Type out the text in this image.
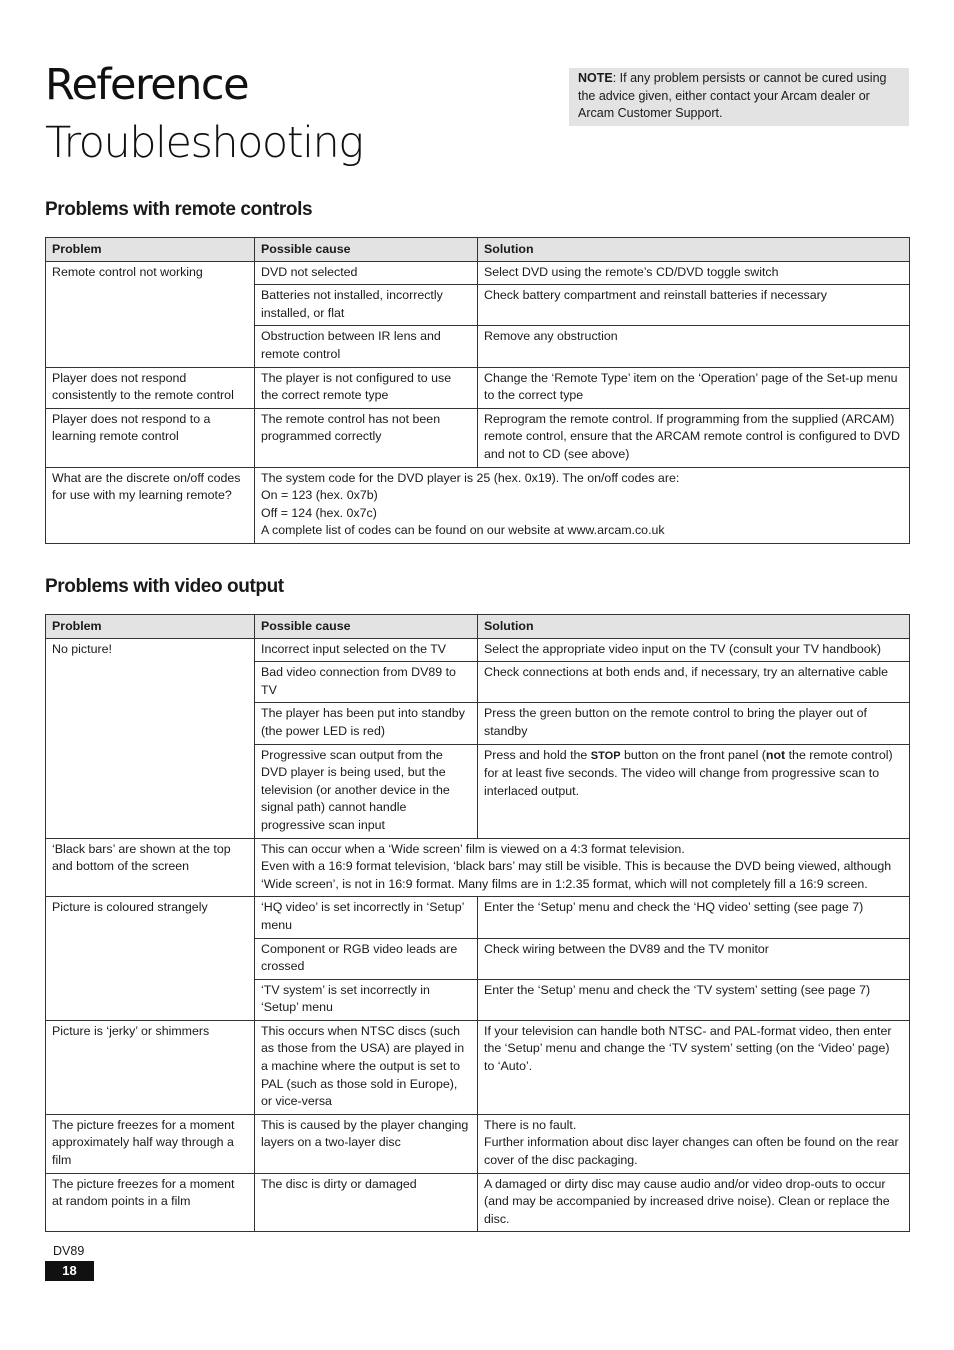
Reference
Troubleshooting
NOTE: If any problem persists or cannot be cured using the advice given, either contact your Arcam dealer or Arcam Customer Support.
Problems with remote controls
Problem	Possible cause	Solution
Remote control not working	DVD not selected	Select DVD using the remote’s CD/DVD toggle switch
	Batteries not installed, incorrectly installed, or flat	Check battery compartment and reinstall batteries if necessary
	Obstruction between IR lens and remote control	Remove any obstruction
Player does not respond consistently to the remote control	The player is not configured to use the correct remote type	Change the ‘Remote Type’ item on the ‘Operation’ page of the Set-up menu to the correct type
Player does not respond to a learning remote control	The remote control has not been programmed correctly	Reprogram the remote control. If programming from the supplied (ARCAM) remote control, ensure that the ARCAM remote control is configured to DVD and not to CD (see above)
What are the discrete on/off codes for use with my learning remote?	The system code for the DVD player is 25 (hex. 0x19). The on/off codes are:
On = 123 (hex. 0x7b)
Off = 124 (hex. 0x7c)
A complete list of codes can be found on our website at www.arcam.co.uk	
Problems with video output
Problem	Possible cause	Solution
No picture!	Incorrect input selected on the TV	Select the appropriate video input on the TV (consult your TV handbook)
	Bad video connection from DV89 to TV	Check connections at both ends and, if necessary, try an alternative cable
	The player has been put into standby (the power LED is red)	Press the green button on the remote control to bring the player out of standby
	Progressive scan output from the DVD player is being used, but the television (or another device in the signal path) cannot handle progressive scan input	Press and hold the STOP button on the front panel (not the remote control) for at least five seconds. The video will change from progressive scan to interlaced output.
‘Black bars’ are shown at the top and bottom of the screen	This can occur when a ‘Wide screen’ film is viewed on a 4:3 format television.
Even with a 16:9 format television, ‘black bars’ may still be visible. This is because the DVD being viewed, although ‘Wide screen’, is not in 16:9 format. Many films are in 1:2.35 format, which will not completely fill a 16:9 screen.	

Picture is coloured strangely	‘HQ video’ is set incorrectly in ‘Setup’ menu	Enter the ‘Setup’ menu and check the ‘HQ video’ setting (see page 7)
	Component or RGB video leads are crossed	Check wiring between the DV89 and the TV monitor
	‘TV system’ is set incorrectly in ‘Setup’ menu	Enter the ‘Setup’ menu and check the ‘TV system’ setting (see page 7)
Picture is ‘jerky’ or shimmers	This occurs when NTSC discs (such as those from the USA) are played in a machine where the output is set to PAL (such as those sold in Europe), or vice-versa	If your television can handle both NTSC- and PAL-format video, then enter the ‘Setup’ menu and change the ‘TV system’ setting (on the ‘Video’ page) to ‘Auto’.
The picture freezes for a moment approximately half way through a film	This is caused by the player changing layers on a two-layer disc	There is no fault.
Further information about disc layer changes can often be found on the rear cover of the disc packaging.

The picture freezes for a moment at random points in a film	The disc is dirty or damaged	A damaged or dirty disc may cause audio and/or video drop-outs to occur (and may be accompanied by increased drive noise). Clean or replace the disc.
DV89
18
